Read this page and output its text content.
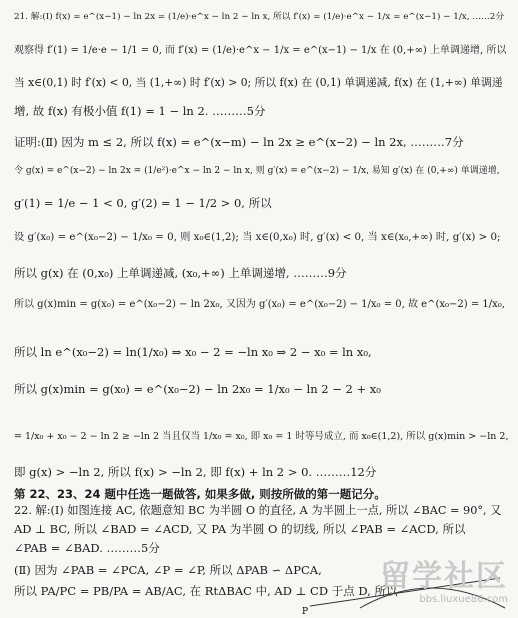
21. 解:(Ⅰ) f(x) = e^(x−1) − ln 2x = (1/e)·e^x − ln 2 − ln x, 所以 f′(x) = (1/e)·e^x − 1/x = e^(x−1) − 1/x, ……2分
观察得 f′(1) = 1/e·e − 1/1 = 0, 而 f′(x) = (1/e)·e^x − 1/x = e^(x−1) − 1/x 在 (0,+∞) 上单调递增, 所以
当 x∈(0,1) 时 f′(x) < 0, 当 (1,+∞) 时 f′(x) > 0; 所以 f(x) 在 (0,1) 单调递减, f(x) 在 (1,+∞) 单调递
增, 故 f(x) 有极小值 f(1) = 1 − ln 2. ………5分
证明:(Ⅱ) 因为 m ≤ 2, 所以 f(x) = e^(x−m) − ln 2x ≥ e^(x−2) − ln 2x, ………7分
令 g(x) = e^(x−2) − ln 2x = (1/e²)·e^x − ln 2 − ln x, 则 g′(x) = e^(x−2) − 1/x, 易知 g′(x) 在 (0,+∞) 单调递增,
g′(1) = 1/e − 1 < 0, g′(2) = 1 − 1/2 > 0, 所以
设 g′(x₀) = e^(x₀−2) − 1/x₀ = 0, 则 x₀∈(1,2); 当 x∈(0,x₀) 时, g′(x) < 0, 当 x∈(x₀,+∞) 时, g′(x) > 0;
所以 g(x) 在 (0,x₀) 上单调递减, (x₀,+∞) 上单调递增, ………9分
所以 g(x)min = g(x₀) = e^(x₀−2) − ln 2x₀, 又因为 g′(x₀) = e^(x₀−2) − 1/x₀ = 0, 故 e^(x₀−2) = 1/x₀,
所以 ln e^(x₀−2) = ln(1/x₀) ⇒ x₀ − 2 = −ln x₀ ⇒ 2 − x₀ = ln x₀,
所以 g(x)min = g(x₀) = e^(x₀−2) − ln 2x₀ = 1/x₀ − ln 2 − 2 + x₀
= 1/x₀ + x₀ − 2 − ln 2 ≥ −ln 2 当且仅当 1/x₀ = x₀, 即 x₀ = 1 时等号成立, 而 x₀∈(1,2), 所以 g(x)min > −ln 2,
即 g(x) > −ln 2, 所以 f(x) > −ln 2, 即 f(x) + ln 2 > 0. ………12分
第 22、23、24 题中任选一题做答, 如果多做, 则按所做的第一题记分。
22. 解:(Ⅰ) 如图连接 AC, 依题意知 BC 为半圆 O 的直径, A 为半圆上一点, 所以 ∠BAC = 90°, 又
AD ⊥ BC, 所以 ∠BAD = ∠ACD, 又 PA 为半圆 O 的切线, 所以 ∠PAB = ∠ACD, 所以
∠PAB = ∠BAD. ………5分
(Ⅱ) 因为 ∠PAB = ∠PCA, ∠P = ∠P, 所以 ΔPAB ∽ ΔPCA,
所以 PA/PC = PB/PA = AB/AC, 在 RtΔBAC 中, AD ⊥ CD 于点 D, 所以
P
留学社区
bbs.liuxue86.com
